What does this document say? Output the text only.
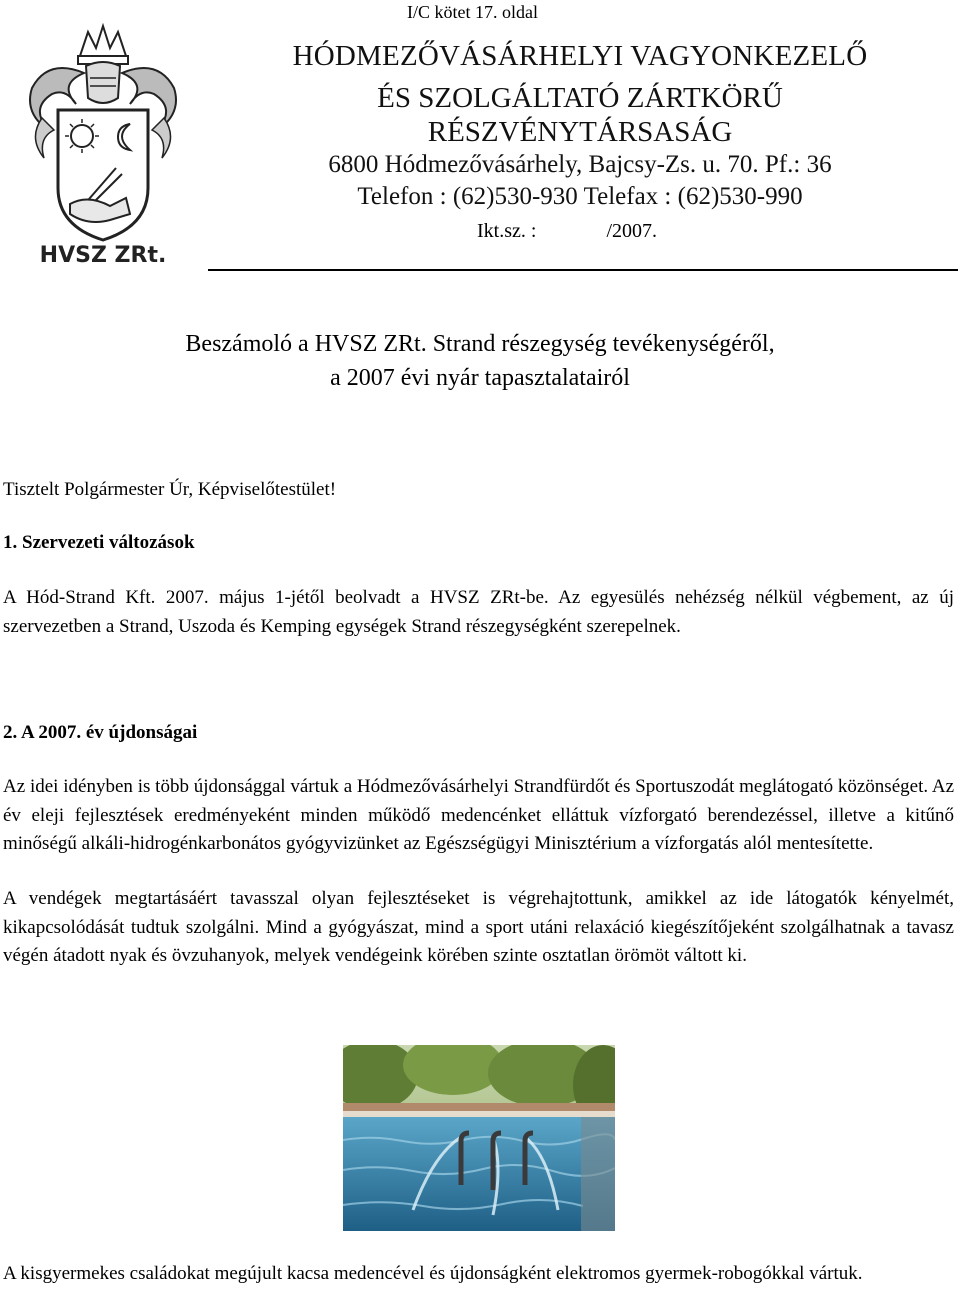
I/C kötet 17. oldal
HVSZ ZRt.
HÓDMEZŐVÁSÁRHELYI VAGYONKEZELŐ
ÉS SZOLGÁLTATÓ ZÁRTKÖRŰ
RÉSZVÉNYTÁRSASÁG
6800 Hódmezővásárhely, Bajcsy-Zs. u. 70. Pf.: 36
Telefon : (62)530-930 Telefax : (62)530-990
Ikt.sz. :	/2007.
Beszámoló a HVSZ ZRt. Strand részegység tevékenységéről,
a 2007 évi nyár tapasztalatairól
Tisztelt Polgármester Úr, Képviselőtestület!
1. Szervezeti változások
A Hód-Strand Kft. 2007. május 1-jétől beolvadt a HVSZ ZRt-be. Az egyesülés nehézség nélkül végbement, az új szervezetben a Strand, Uszoda és Kemping egységek Strand részegységként szerepelnek.
2. A 2007. év újdonságai
Az idei idényben is több újdonsággal vártuk a Hódmezővásárhelyi Strandfürdőt és Sportuszodát meglátogató közönséget. Az év eleji fejlesztések eredményeként minden működő medencénket elláttuk vízforgató berendezéssel, illetve a kitűnő minőségű alkáli-hidrogénkarbonátos gyógyvizünket az Egészségügyi Minisztérium a vízforgatás alól mentesítette.
A vendégek megtartásáért tavasszal olyan fejlesztéseket is végrehajtottunk, amikkel az ide látogatók kényelmét, kikapcsolódását tudtuk szolgálni. Mind a gyógyászat, mind a sport utáni relaxáció kiegészítőjeként szolgálhatnak a tavasz végén átadott nyak és övzuhanyok, melyek vendégeink körében szinte osztatlan örömöt váltott ki.
A kisgyermekes családokat megújult kacsa medencével és újdonságként elektromos gyermek-robogókkal vártuk.
